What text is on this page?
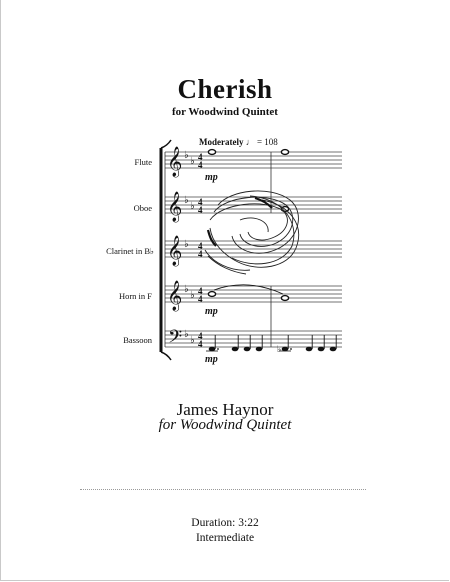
Cherish
for Woodwind Quintet
Moderately ♩ = 108
Flute
Oboe
Clarinet in B♭
Horn in F
Bassoon
𝄞
𝄞
𝄞
𝄞
𝄢
♭
♭
♭
♭
♭
♭
♭
♭
♭
4
4
4
4
4
4
4
4
4
4
♭
mp
mp
mp
James Haynor
for Woodwind Quintet
Duration: 3:22
Intermediate
